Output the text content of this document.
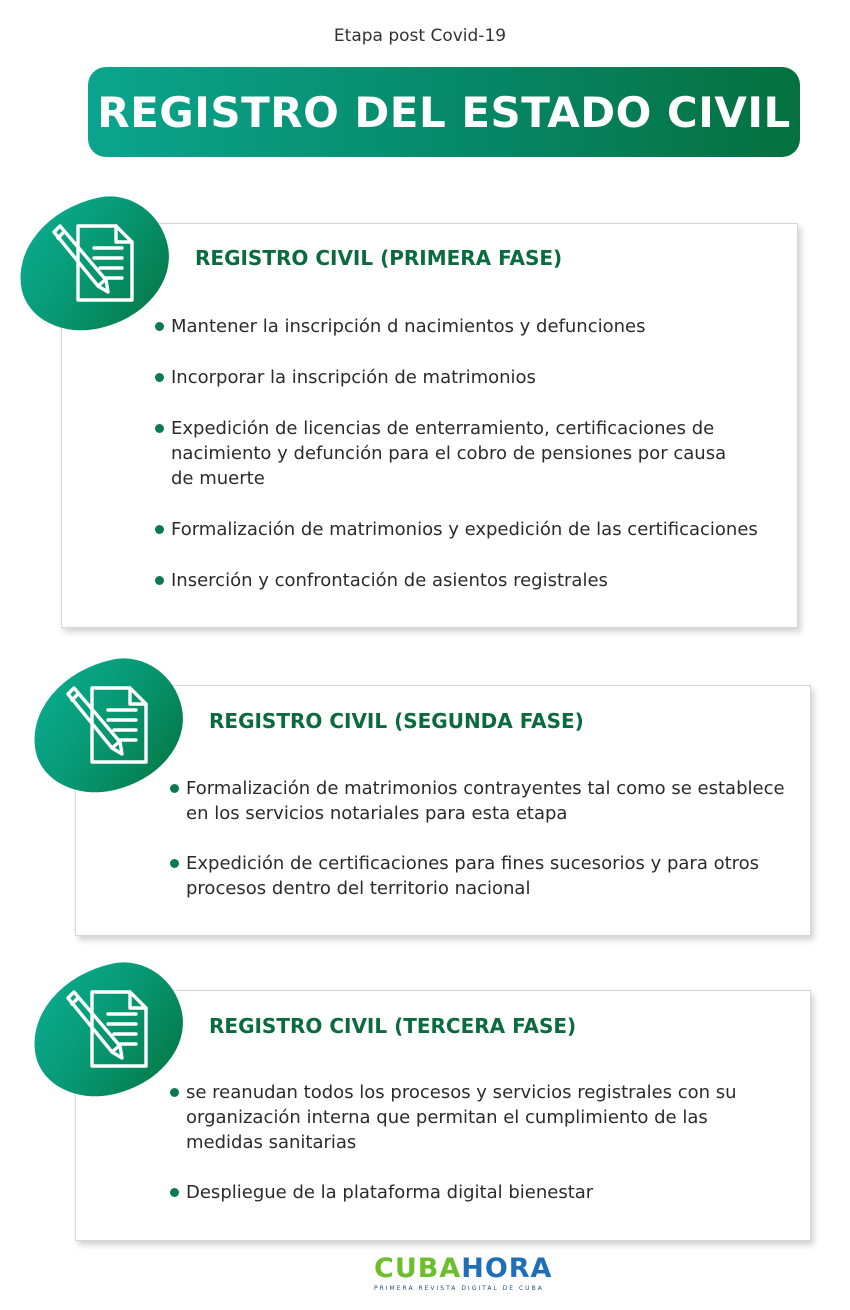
Etapa post Covid-19
REGISTRO DEL ESTADO CIVIL
REGISTRO CIVIL (PRIMERA FASE)
Mantener la inscripción d nacimientos y defunciones
Incorporar la inscripción de matrimonios
Expedición de licencias de enterramiento, certificaciones de nacimiento y defunción para el cobro de pensiones por causa de muerte
Formalización de matrimonios y expedición de las certificaciones
Inserción y confrontación de asientos registrales
REGISTRO CIVIL (SEGUNDA FASE)
Formalización de matrimonios contrayentes tal como se establece en los servicios notariales para esta etapa
Expedición de certificaciones para fines sucesorios y para otros procesos dentro del territorio nacional
REGISTRO CIVIL (TERCERA FASE)
se reanudan todos los procesos y servicios registrales con su organización interna que permitan el cumplimiento de las medidas sanitarias
Despliegue de la plataforma digital bienestar
CUBAHORA
PRIMERA REVISTA DIGITAL DE CUBA
